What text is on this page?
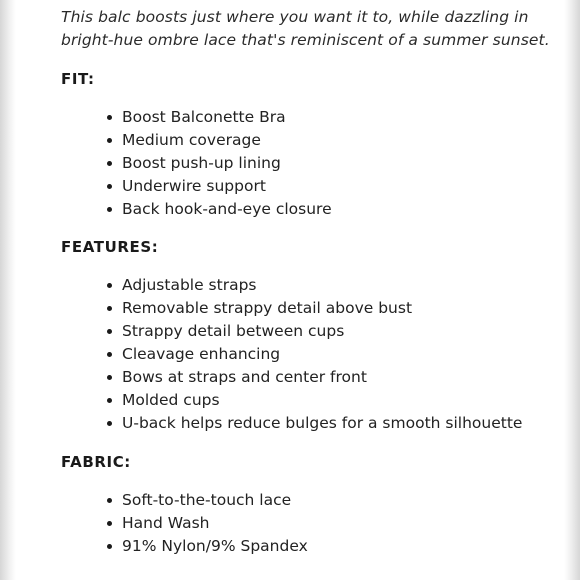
This balc boosts just where you want it to, while dazzling in bright-hue ombre lace that's reminiscent of a summer sunset.

FIT:
Boost Balconette Bra
Medium coverage
Boost push-up lining
Underwire support
Back hook-and-eye closure
FEATURES:
Adjustable straps
Removable strappy detail above bust
Strappy detail between cups
Cleavage enhancing
Bows at straps and center front
Molded cups
U-back helps reduce bulges for a smooth silhouette
FABRIC:
Soft-to-the-touch lace
Hand Wash
91% Nylon/9% Spandex
